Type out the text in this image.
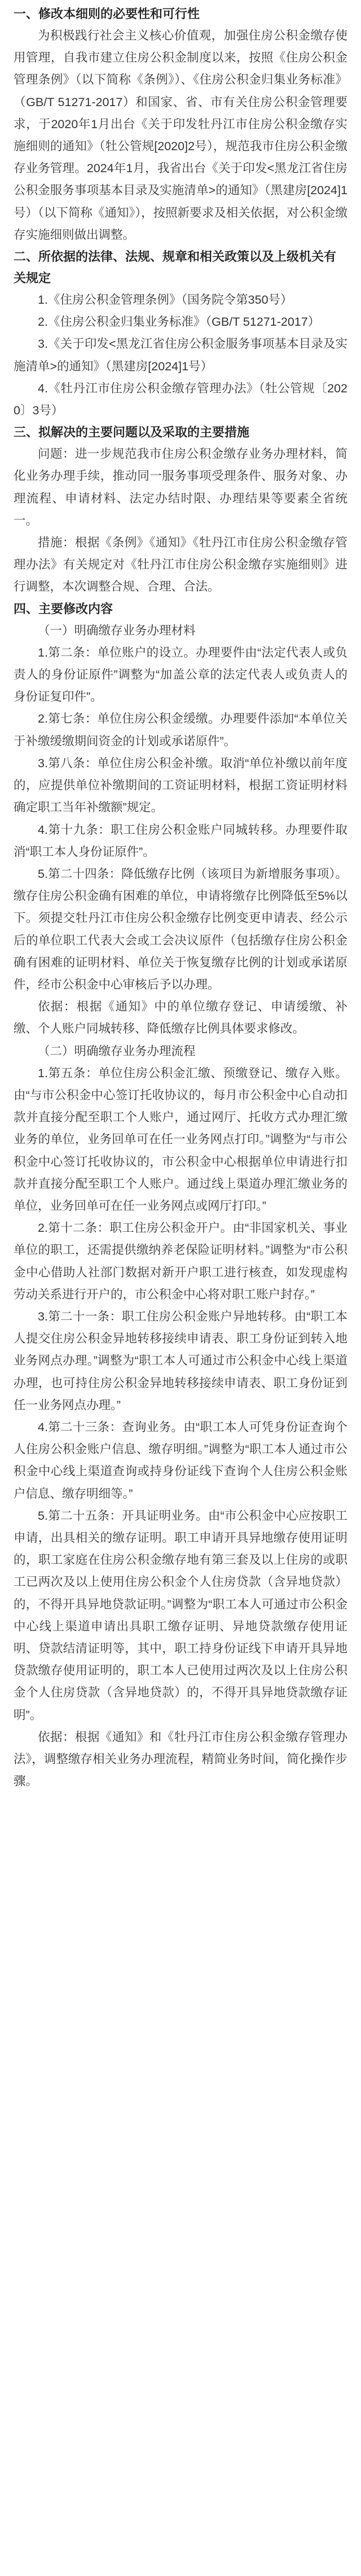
一、修改本细则的必要性和可行性

为积极践行社会主义核心价值观，加强住房公积金缴存使用管理，自我市建立住房公积金制度以来，按照《住房公积金管理条例》（以下简称《条例》）、《住房公积金归集业务标准》（GB/T 51271-2017）和国家、省、市有关住房公积金管理要求，于2020年1月出台《关于印发牡丹江市住房公积金缴存实施细则的通知》（牡公管规[2020]2号），规范我市住房公积金缴存业务管理。2024年1月，我省出台《关于印发<黑龙江省住房公积金服务事项基本目录及实施清单>的通知》（黑建房[2024]1号）（以下简称《通知》），按照新要求及相关依据，对公积金缴存实施细则做出调整。

二、所依据的法律、法规、规章和相关政策以及上级机关有关规定

1.《住房公积金管理条例》（国务院令第350号）

2.《住房公积金归集业务标准》（GB/T 51271-2017）

3.《关于印发<黑龙江省住房公积金服务事项基本目录及实施清单>的通知》（黑建房[2024]1号）

4.《牡丹江市住房公积金缴存管理办法》（牡公管规〔2020〕3号）

三、拟解决的主要问题以及采取的主要措施

问题：进一步规范我市住房公积金缴存业务办理材料，简化业务办理手续，推动同一服务事项受理条件、服务对象、办理流程、申请材料、法定办结时限、办理结果等要素全省统一。

措施：根据《条例》《通知》《牡丹江市住房公积金缴存管理办法》有关规定对《牡丹江市住房公积金缴存实施细则》进行调整，本次调整合规、合理、合法。

四、主要修改内容

（一）明确缴存业务办理材料

1.第二条：单位账户的设立。办理要件由“法定代表人或负责人的身份证原件”调整为“加盖公章的法定代表人或负责人的身份证复印件”。

2.第七条：单位住房公积金缓缴。办理要件添加“本单位关于补缴缓缴期间资金的计划或承诺原件”。

3.第八条：单位住房公积金补缴。取消“单位补缴以前年度的，应提供单位补缴期间的工资证明材料，根据工资证明材料确定职工当年补缴额”规定。

4.第十九条：职工住房公积金账户同城转移。办理要件取消“职工本人身份证原件”。

5.第二十四条：降低缴存比例（该项目为新增服务事项）。缴存住房公积金确有困难的单位，申请将缴存比例降低至5%以下。须提交牡丹江市住房公积金缴存比例变更申请表、经公示后的单位职工代表大会或工会决议原件（包括缴存住房公积金确有困难的证明材料、单位关于恢复缴存比例的计划或承诺原件，经市公积金中心审核后予以办理。

依据：根据《通知》中的单位缴存登记、申请缓缴、补缴、个人账户同城转移、降低缴存比例具体要求修改。

（二）明确缴存业务办理流程

1.第五条：单位住房公积金汇缴、预缴登记、缴存入账。由“与市公积金中心签订托收协议的，每月市公积金中心自动扣款并直接分配至职工个人账户，通过网厅、托收方式办理汇缴业务的单位，业务回单可在任一业务网点打印。”调整为“与市公积金中心签订托收协议的，市公积金中心根据单位申请进行扣款并直接分配至职工个人账户。通过线上渠道办理汇缴业务的单位，业务回单可在任一业务网点或网厅打印。”

2.第十二条：职工住房公积金开户。由“非国家机关、事业单位的职工，还需提供缴纳养老保险证明材料。”调整为“市公积金中心借助人社部门数据对新开户职工进行核查，如发现虚构劳动关系进行开户的，市公积金中心将对职工账户封存。”

3.第二十一条：职工住房公积金账户异地转移。由“职工本人提交住房公积金异地转移接续申请表、职工身份证到转入地业务网点办理。”调整为“职工本人可通过市公积金中心线上渠道办理，也可持住房公积金异地转移接续申请表、职工身份证到任一业务网点办理。”

4.第二十三条：查询业务。由“职工本人可凭身份证查询个人住房公积金账户信息、缴存明细。”调整为“职工本人通过市公积金中心线上渠道查询或持身份证线下查询个人住房公积金账户信息、缴存明细等。”

5.第二十五条：开具证明业务。由“市公积金中心应按职工申请，出具相关的缴存证明。职工申请开具异地缴存使用证明的，职工家庭在住房公积金缴存地有第三套及以上住房的或职工已两次及以上使用住房公积金个人住房贷款（含异地贷款）的，不得开具异地贷款证明。”调整为“职工本人可通过市公积金中心线上渠道申请出具职工缴存证明、异地贷款缴存使用证明、贷款结清证明等，其中，职工持身份证线下申请开具异地贷款缴存使用证明的，职工本人已使用过两次及以上住房公积金个人住房贷款（含异地贷款）的，不得开具异地贷款缴存证明”。

依据：根据《通知》和《牡丹江市住房公积金缴存管理办法》，调整缴存相关业务办理流程，精简业务时间，简化操作步骤。
